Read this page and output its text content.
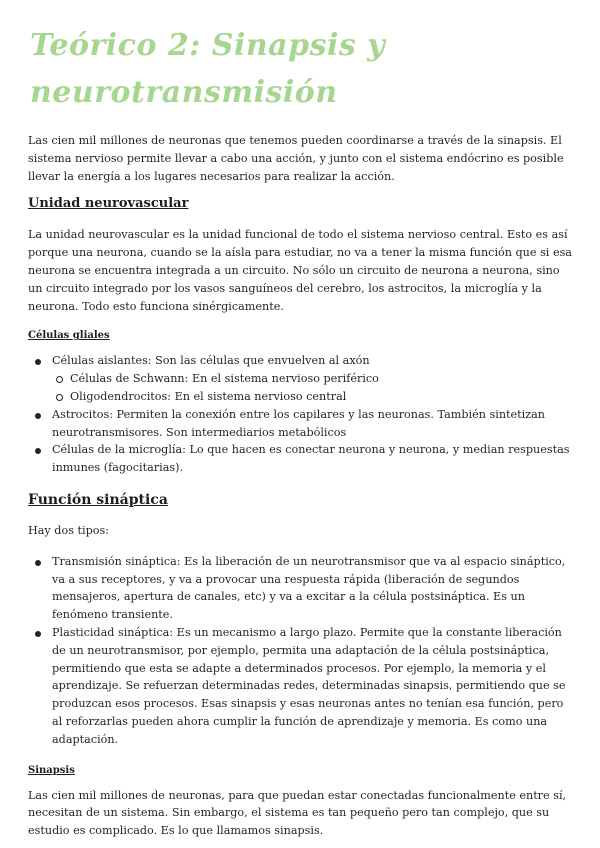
Teórico 2: Sinapsis y neurotransmisión

Las cien mil millones de neuronas que tenemos pueden coordinarse a través de la sinapsis. El sistema nervioso permite llevar a cabo una acción, y junto con el sistema endócrino es posible llevar la energía a los lugares necesarios para realizar la acción.

Unidad neurovascular

La unidad neurovascular es la unidad funcional de todo el sistema nervioso central. Esto es así porque una neurona, cuando se la aísla para estudiar, no va a tener la misma función que si esa neurona se encuentra integrada a un circuito. No sólo un circuito de neurona a neurona, sino un circuito integrado por los vasos sanguíneos del cerebro, los astrocitos, la microglía y la neurona. Todo esto funciona sinérgicamente.

Células gliales
Células aislantes: Son las células que envuelven al axón
Células de Schwann: En el sistema nervioso periférico
Oligodendrocitos: En el sistema nervioso central
Astrocitos: Permiten la conexión entre los capilares y las neuronas. También sintetizan neurotransmisores. Son intermediarios metabólicos
Células de la microglía: Lo que hacen es conectar neurona y neurona, y median respuestas inmunes (fagocitarias).
Función sináptica

Hay dos tipos:

Transmisión sináptica: Es la liberación de un neurotransmisor que va al espacio sináptico, va a sus receptores, y va a provocar una respuesta rápida (liberación de segundos mensajeros, apertura de canales, etc) y va a excitar a la célula postsináptica. Es un fenómeno transiente.
Plasticidad sináptica: Es un mecanismo a largo plazo. Permite que la constante liberación de un neurotransmisor, por ejemplo, permita una adaptación de la célula postsináptica, permitiendo que esta se adapte a determinados procesos. Por ejemplo, la memoria y el aprendizaje. Se refuerzan determinadas redes, determinadas sinapsis, permitiendo que se produzcan esos procesos. Esas sinapsis y esas neuronas antes no tenían esa función, pero al reforzarlas pueden ahora cumplir la función de aprendizaje y memoria. Es como una adaptación.
Sinapsis

Las cien mil millones de neuronas, para que puedan estar conectadas funcionalmente entre sí, necesitan de un sistema. Sin embargo, el sistema es tan pequeño pero tan complejo, que su estudio es complicado. Es lo que llamamos sinapsis.
